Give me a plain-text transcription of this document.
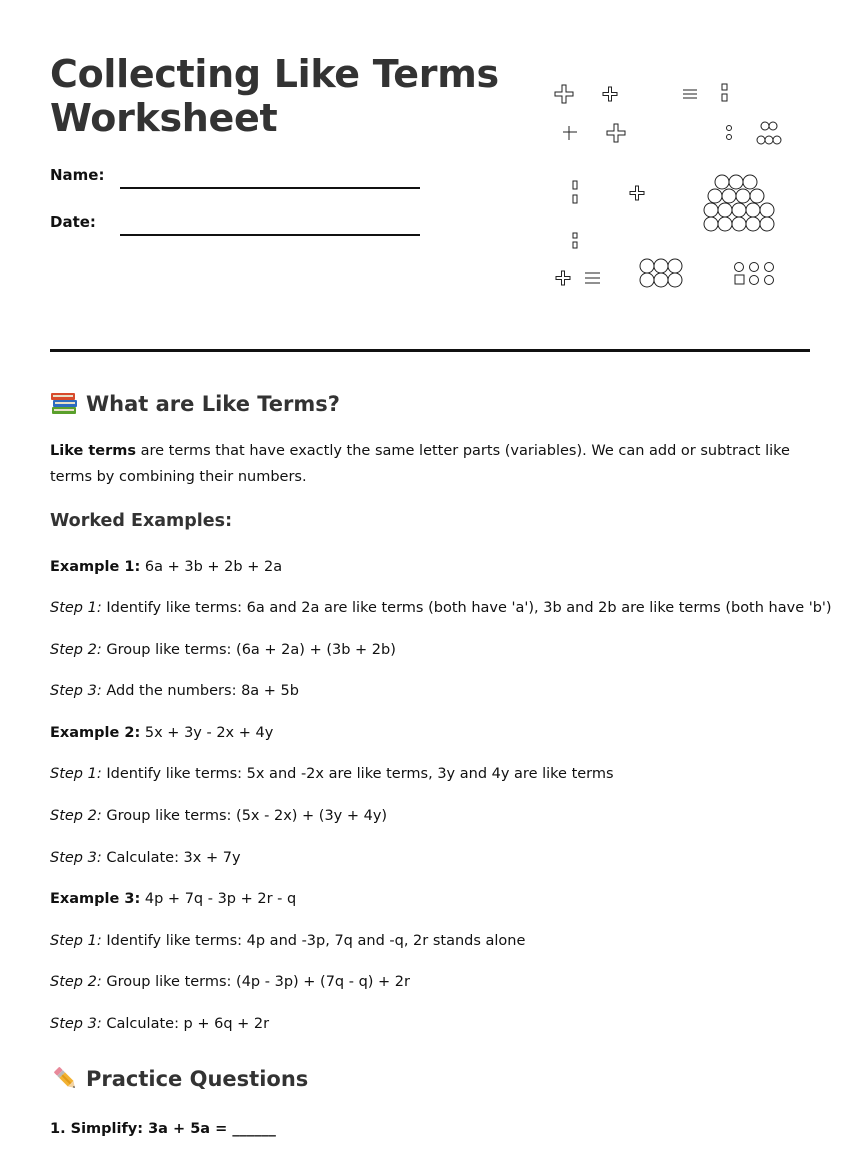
Collecting Like Terms
Worksheet
Name:
Date:
What are Like Terms?

Like terms are terms that have exactly the same letter parts (variables). We can add or subtract like terms by combining their numbers.

Worked Examples:
Example 1: 6a + 3b + 2b + 2a
Step 1: Identify like terms: 6a and 2a are like terms (both have 'a'), 3b and 2b are like terms (both have 'b')
Step 2: Group like terms: (6a + 2a) + (3b + 2b)
Step 3: Add the numbers: 8a + 5b
Example 2: 5x + 3y - 2x + 4y
Step 1: Identify like terms: 5x and -2x are like terms, 3y and 4y are like terms
Step 2: Group like terms: (5x - 2x) + (3y + 4y)
Step 3: Calculate: 3x + 7y
Example 3: 4p + 7q - 3p + 2r - q
Step 1: Identify like terms: 4p and -3p, 7q and -q, 2r stands alone
Step 2: Group like terms: (4p - 3p) + (7q - q) + 2r
Step 3: Calculate: p + 6q + 2r
Practice Questions
1. Simplify: 3a + 5a = ______
